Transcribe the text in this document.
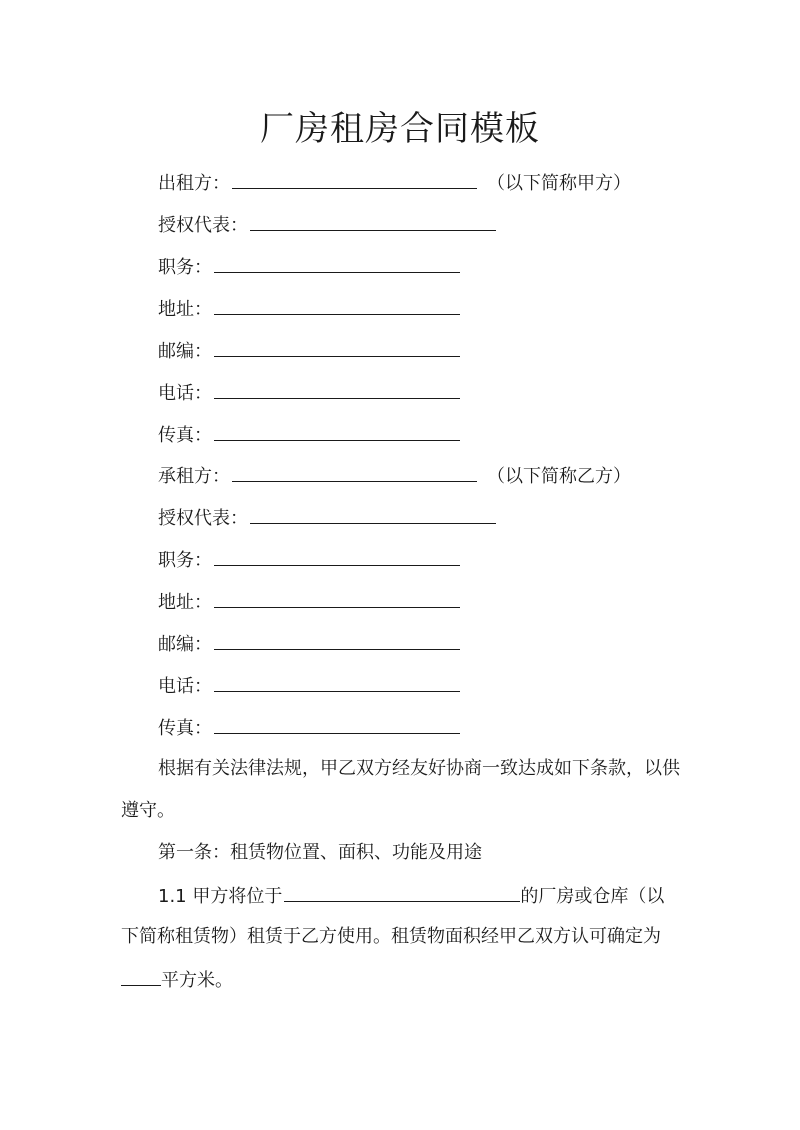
厂房租房合同模板
出租方：	（以下简称甲方）
授权代表：
职务：
地址：
邮编：
电话：
传真：
承租方：	（以下简称乙方）
授权代表：
职务：
地址：
邮编：
电话：
传真：
根据有关法律法规，甲乙双方经友好协商一致达成如下条款，以供
遵守。
第一条：租赁物位置、面积、功能及用途
1.1 甲方将位于	的厂房或仓库（以
下简称租赁物）租赁于乙方使用。租赁物面积经甲乙双方认可确定为
平方米。
